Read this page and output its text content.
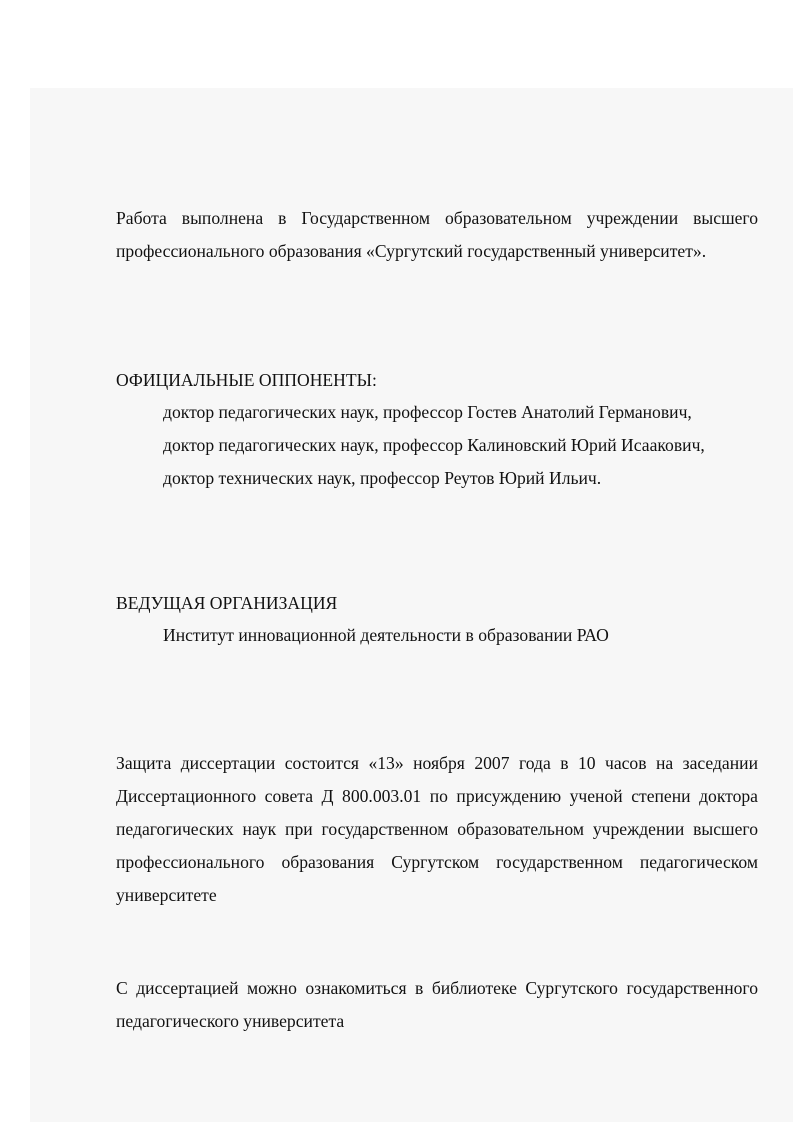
Работа выполнена в Государственном образовательном учреждении высшего профессионального образования «Сургутский государственный университет».

ОФИЦИАЛЬНЫЕ ОППОНЕНТЫ:
доктор педагогических наук, профессор Гостев Анатолий Германович,
доктор педагогических наук, профессор Калиновский Юрий Исаакович,
доктор технических наук, профессор Реутов Юрий Ильич.
ВЕДУЩАЯ ОРГАНИЗАЦИЯ
Институт инновационной деятельности в образовании РАО

Защита диссертации состоится «13» ноября 2007 года в 10 часов на заседании Диссертационного совета Д 800.003.01 по присуждению ученой степени доктора педагогических наук при государственном образовательном учреждении высшего профессионального образования Сургутском государственном педагогическом университете

С диссертацией можно ознакомиться в библиотеке Сургутского государственного педагогического университета
